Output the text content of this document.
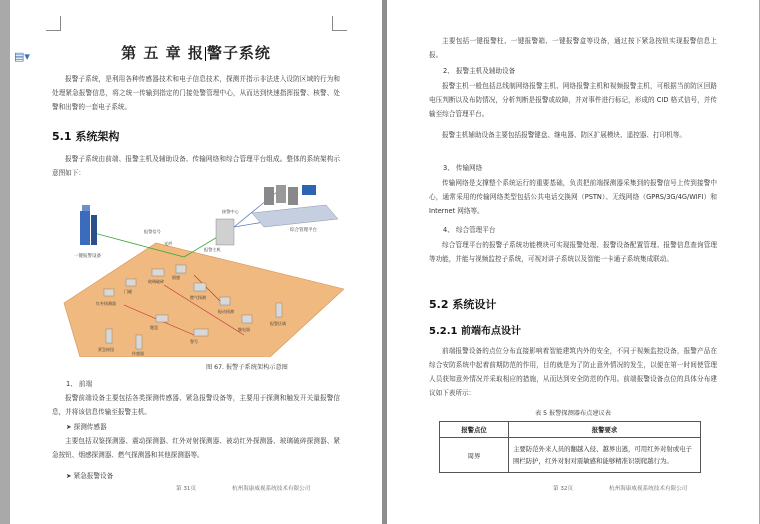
▤▾	第 五 章 报 警子系统
报警子系统，是利用各种传感器技术和电子信息技术，探测并指示非法进入设防区域的行为和处理紧急报警信息，将之统一传输到指定的门接处警管理中心，从而达到快速指挥报警、核警、处警和出警的一套电子系统。
5.1 系统架构
报警子系统由前端、报警主机及辅助设备、传输网络和综合管理平台组成。整体的系统架构示意图如下：
一键报警设备
综合管理平台
报警主机
接警中心
报警信号
光纤
红外探测器
门磁
玻璃破碎
烟感
燃气探测
振动探测
键盘
警号
继电器
紧急按钮
传感器
报警区域
图 67. 报警子系统架构示意图
1、 前端
报警前端设备主要包括各类探测传感器、紧急报警设备等，主要用于探测和触发开关量报警信息，并将该信息传输至报警主机。
➤ 探测传感器
主要包括双鉴探测器、震动探测器、红外对射探测器、被动红外探测器、玻璃破碎探测器、紧急按钮、烟感探测器、燃气探测器和其他探测器等。
➤ 紧急报警设备
第 31页	杭州海康威视系统技术有限公司
主要包括一键报警柱、一键报警箱、一键报警盒等设备，通过按下紧急按钮实现报警信息上报。
2、 报警主机及辅助设备
报警主机一般包括总线制网络报警主机、网络报警主机和视频报警主机，可根据当前防区回路电压判断以及布防情况，分析判断是报警或故障，并对事件进行标记，形成的 CID 格式信号，并传输至综合管理平台。
报警主机辅助设备主要包括报警键盘、继电器、防区扩展模块、遥控器、打印机等。
3、 传输网络
传输网络是支撑整个系统运行的重要基础，负责把前端探测器采集到的报警信号上传到接警中心，通常采用的传输网络类型包括公共电话交换网（PSTN）、无线网络（GPRS/3G/4G/WIFI）和 Internet 网络等。
4、 综合管理平台
综合管理平台的报警子系统功能模块可实现报警处理、报警设备配置管理、报警信息查询管理等功能，并能与视频监控子系统，可视对讲子系统以及智能一卡通子系统集成联动。
5.2 系统设计
5.2.1 前端布点设计
前端报警设备的点位分布直接影响着智能建筑内外的安全，不同于视频监控设备，报警产品在综合安防系统中起着前期防范的作用，目的就是为了防止意外情况的发生，以便在第一时间使管理人员获知意外情况并采取相应的措施，从而达到安全防范的作用。前端报警设备点位的具体分布建议如下表所示：
表 5 报警探测器布点建议表
报警点位	报警要求
周界	主要防范外来人员的翻越入侵、越界出逃，可用红外对射或电子围栏防护，红外对射对震敏感和能够精准识别爬越行为。
第 32页	杭州海康威视系统技术有限公司
